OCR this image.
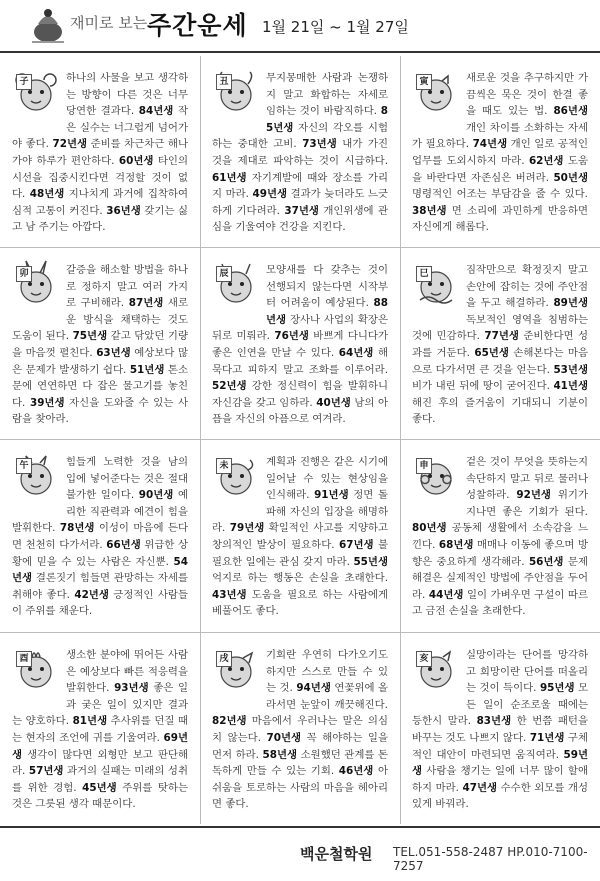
재미로 보는 주간운세 1월 21일 ~ 1월 27일
子	하나의 사물을 보고 생각하는 방향이 다른 것은 너무 당연한 결과다. 84년생 작은 실수는 너그럽게 넘어가야 좋다. 72년생 준비를 차근차근 해나가야 하루가 편안하다. 60년생 타인의 시선을 집중시킨다면 걱정할 것이 없다. 48년생 지나치게 과거에 집착하여 심적 고통이 커진다. 36년생 갖기는 싫고 남 주기는 아깝다.
丑	무지몽매한 사람과 논쟁하지 말고 화합하는 자세로 임하는 것이 바람직하다. 85년생 자신의 각오를 시험하는 중대한 고비. 73년생 내가 가진 것을 제대로 파악하는 것이 시급하다. 61년생 자기계발에 때와 장소를 가리지 마라. 49년생 결과가 늦더라도 느긋하게 기다려라. 37년생 개인위생에 관심을 기울여야 건강을 지킨다.
寅	새로운 것을 추구하지만 가끔씩은 묵은 것이 한결 좋을 때도 있는 법. 86년생 개인 차이를 소화하는 자세가 필요하다. 74년생 개인 일로 공적인 업무를 도외시하지 마라. 62년생 도움을 바란다면 자존심은 버려라. 50년생 명령적인 어조는 부담감을 줄 수 있다. 38년생 면 소리에 과민하게 반응하면 자신에게 해롭다.
卯	갈증을 해소할 방법을 하나로 정하지 말고 여러 가지로 구비해라. 87년생 새로운 방식을 채택하는 것도 도움이 된다. 75년생 같고 닦았던 기량을 마음껏 펼친다. 63년생 예상보다 많은 문제가 발생하기 쉽다. 51년생 톤소문에 연연하면 다 잡은 물고기를 놓친다. 39년생 자신을 도와줄 수 있는 사람을 찾아라.
辰	모양새를 다 갖추는 것이 선행되지 않는다면 시작부터 어려움이 예상된다. 88년생 장사나 사업의 확장은 뒤로 미뤄라. 76년생 바쁘게 다니다가 좋은 인연을 만날 수 있다. 64년생 해묵다고 피하지 말고 조화를 이루어라. 52년생 강한 정신력이 힘을 발휘하니 자신감을 갖고 임하라. 40년생 남의 아픔을 자신의 아픔으로 여겨라.
巳	짐작만으로 확정짓지 말고 손안에 잡히는 것에 주안점을 두고 해결하라. 89년생 독보적인 영역을 침범하는 것에 민감하다. 77년생 준비한다면 성과를 거둔다. 65년생 손해본다는 마음으로 다가서면 큰 것을 얻는다. 53년생 비가 내린 뒤에 땅이 굳어진다. 41년생 해진 후의 즐거움이 기대되니 기분이 좋다.
午	힘들게 노력한 것을 남의 입에 넣어준다는 것은 절대 불가한 일이다. 90년생 예리한 직관력과 예견이 힘을 발휘한다. 78년생 이성이 마음에 든다면 천천히 다가서라. 66년생 위급한 상황에 믿을 수 있는 사람은 자신뿐. 54년생 결론짓기 힘들면 관망하는 자세를 취해야 좋다. 42년생 긍정적인 사람들이 주위를 채운다.
未	계획과 진행은 같은 시기에 일어날 수 있는 현상임을 인식해라. 91년생 정면 돌파해 자신의 입장을 해명하라. 79년생 확일적인 사고를 지양하고 창의적인 발상이 필요하다. 67년생 불필요한 일에는 관심 갖지 마라. 55년생 억지로 하는 행동은 손실을 초래한다. 43년생 도움을 필요로 하는 사람에게 베풀어도 좋다.
申	겉은 것이 무엇을 뜻하는지 속단하지 말고 뒤로 물러나 성찰하라. 92년생 위기가 지나면 좋은 기회가 된다. 80년생 공동체 생활에서 소속감을 느낀다. 68년생 매매나 이동에 좋으며 방향은 중요하게 생각해라. 56년생 문제해결은 실제적인 방법에 주안점을 두어라. 44년생 일이 가벼우면 구설이 따르고 금전 손실을 초래한다.
酉	생소한 분야에 뛰어든 사람은 예상보다 빠른 적응력을 발휘한다. 93년생 좋은 일과 궂은 일이 있지만 결과는 양호하다. 81년생 추사위를 던질 때는 현자의 조언에 귀를 기울여라. 69년생 생각이 많다면 외형만 보고 판단해라. 57년생 과거의 실패는 미래의 성취를 위한 경험. 45년생 주위를 탓하는 것은 그릇된 생각 때문이다.
戌	기회란 우연히 다가오기도 하지만 스스로 만들 수 있는 것. 94년생 연꽃위에 올라서면 눈앞이 깨끗해진다. 82년생 마음에서 우러나는 말은 의심치 않는다. 70년생 꼭 해야하는 일을 먼저 하라. 58년생 소원했던 관계를 돈독하게 만들 수 있는 기회. 46년생 아쉬움을 토로하는 사람의 마음을 헤아리면 좋다.
亥	실망이라는 단어를 망각하고 희망이란 단어를 떠올리는 것이 득이다. 95년생 모든 일이 순조로울 때에는 등한시 말라. 83년생 한 번쯤 패턴을 바꾸는 것도 나쁘지 않다. 71년생 구체적인 대안이 마련되면 움직여라. 59년생 사람을 챙기는 일에 너무 많이 할애하지 마라. 47년생 수수한 외모를 개성있게 바꿔라.
백운철학원 TEL.051-558-2487 HP.010-7100-7257
